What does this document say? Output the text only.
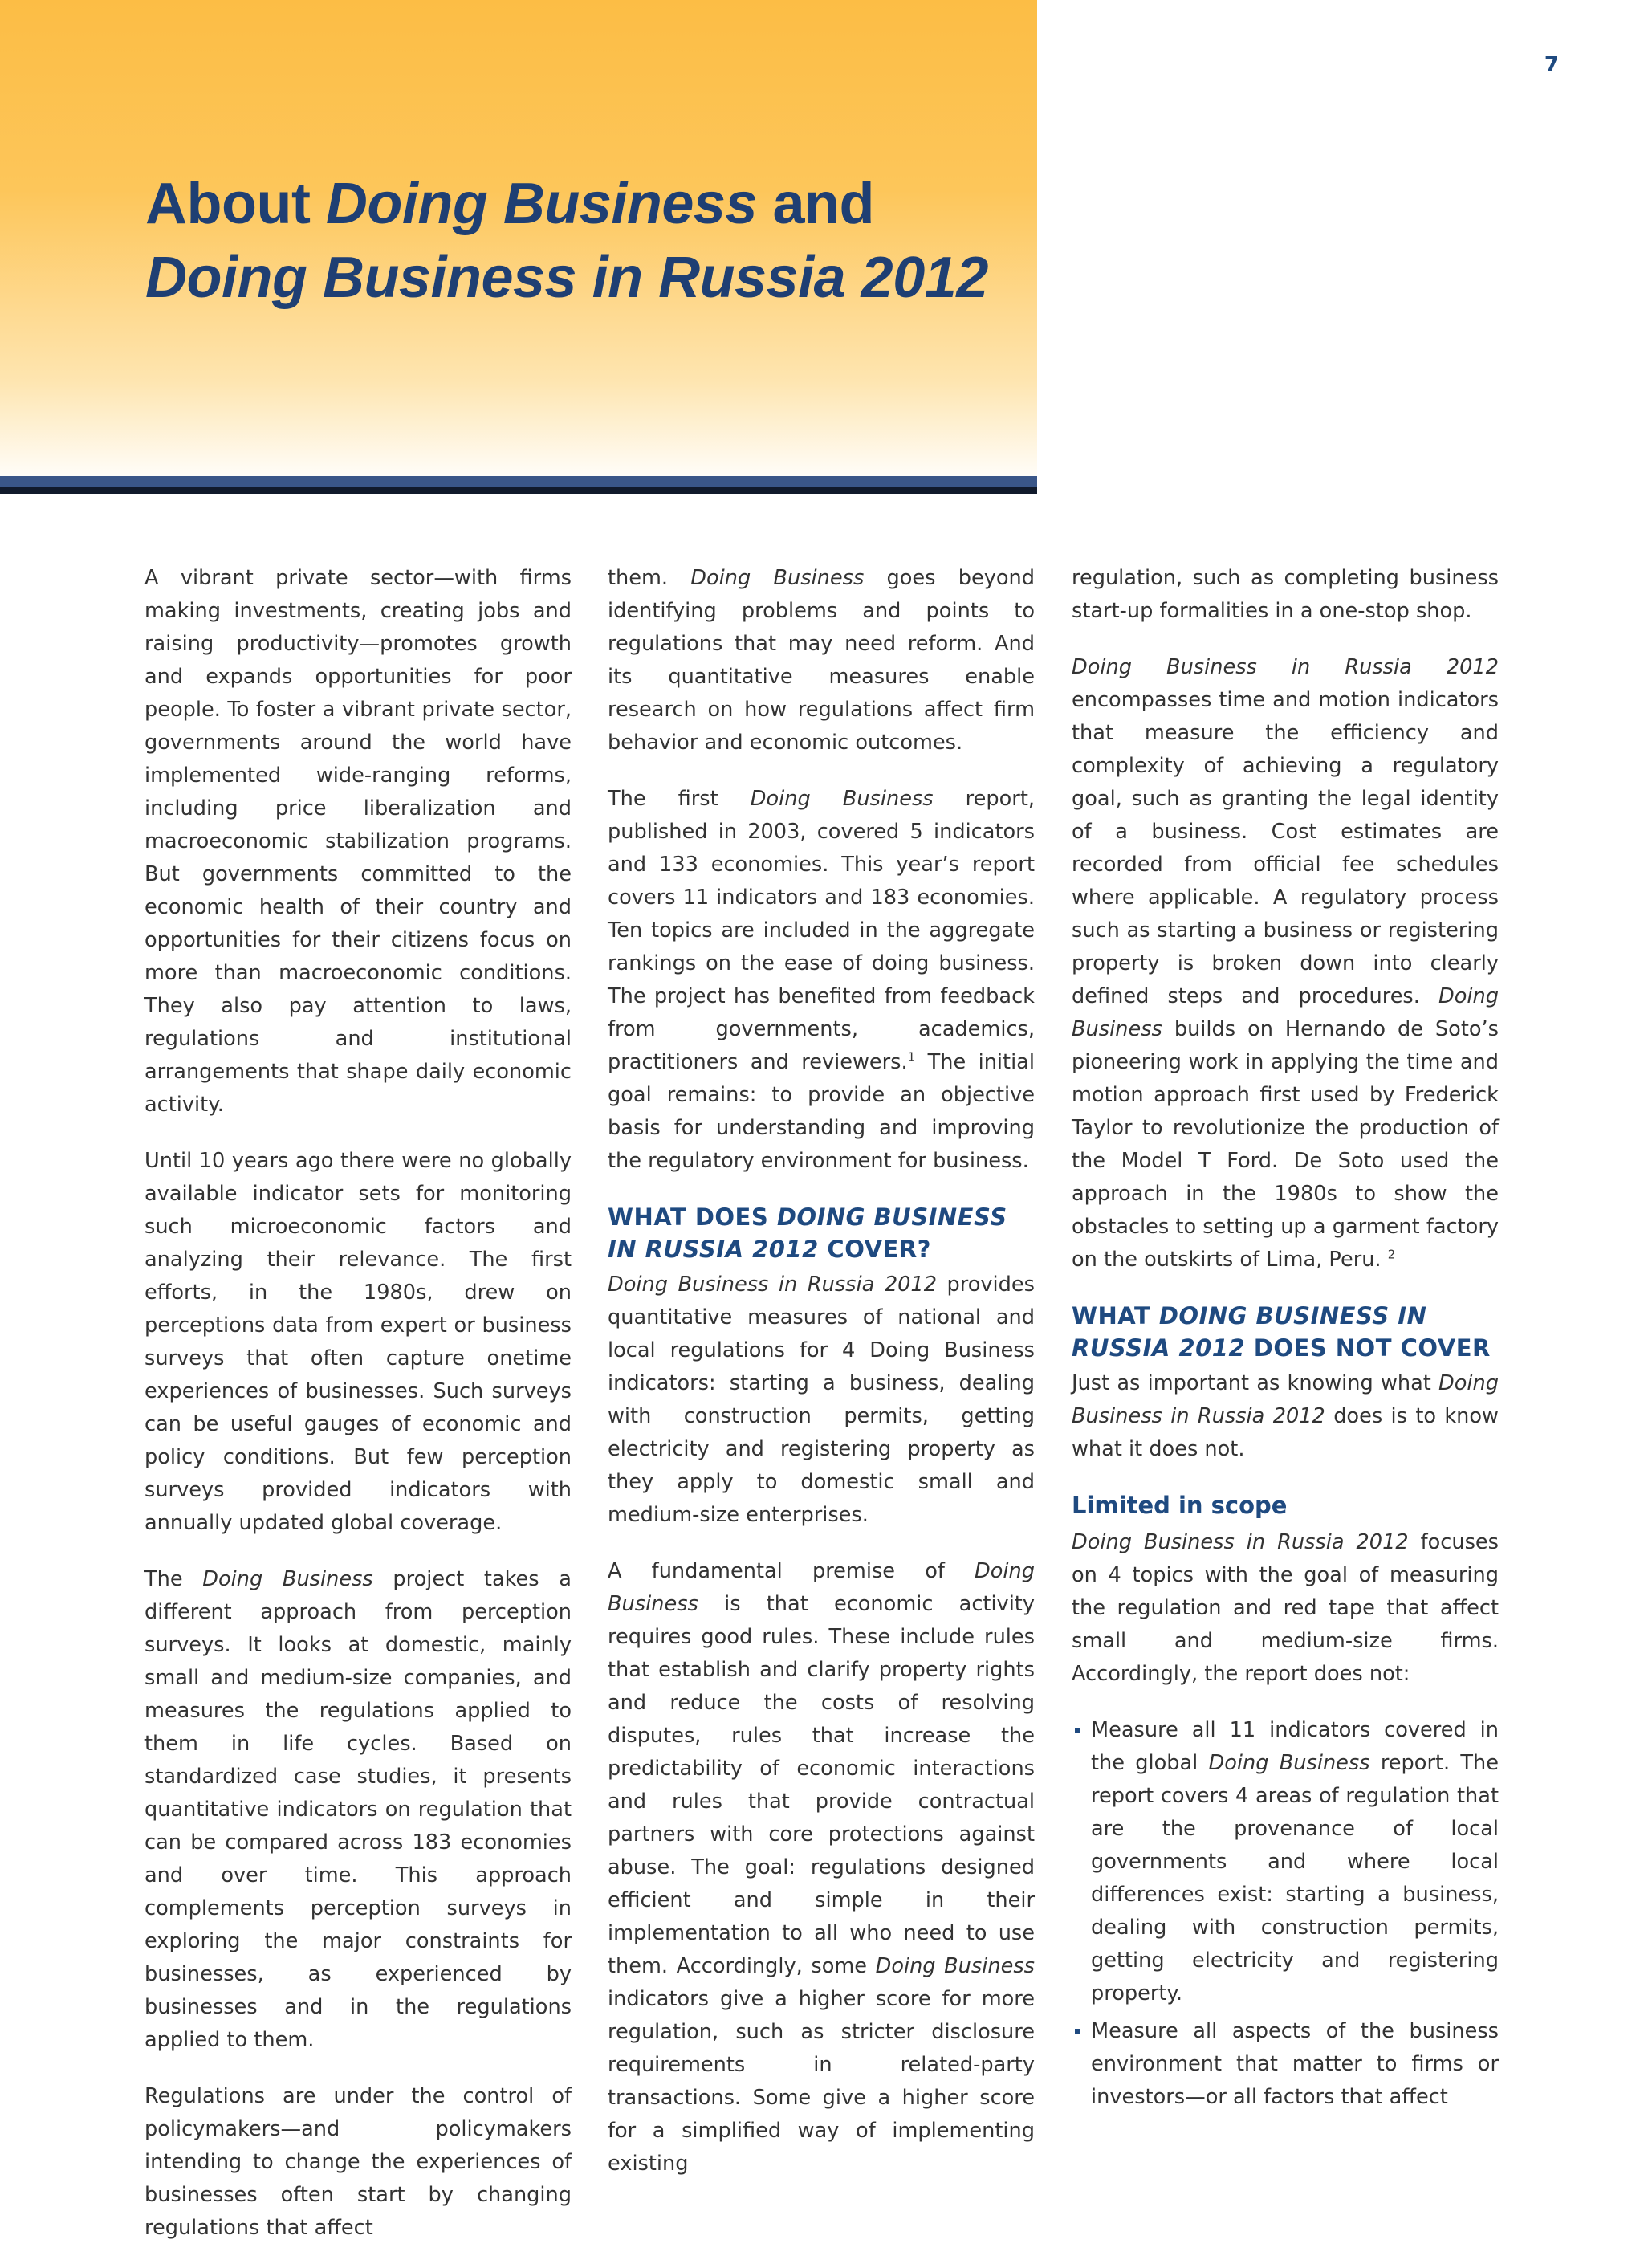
7
About Doing Business and
Doing Business in Russia 2012

A vibrant private sector—with firms making investments, creating jobs and raising productivity—promotes growth and expands opportunities for poor people. To foster a vibrant private sector, governments around the world have implemented wide-ranging reforms, including price liberalization and macroeconomic stabilization programs. But governments committed to the economic health of their country and opportunities for their citizens focus on more than macroeconomic conditions. They also pay attention to laws, regulations and institutional arrangements that shape daily economic activity.

Until 10 years ago there were no globally available indicator sets for monitoring such microeconomic factors and analyzing their relevance. The first efforts, in the 1980s, drew on perceptions data from expert or business surveys that often capture onetime experiences of businesses. Such surveys can be useful gauges of economic and policy conditions. But few perception surveys provided indicators with annually updated global coverage.

The Doing Business project takes a different approach from perception surveys. It looks at domestic, mainly small and medium-size companies, and measures the regulations applied to them in life cycles. Based on standardized case studies, it presents quantitative indicators on regulation that can be compared across 183 economies and over time. This approach complements perception surveys in exploring the major constraints for businesses, as experienced by businesses and in the regulations applied to them.

Regulations are under the control of policymakers—and policymakers intending to change the experiences of businesses often start by changing regulations that affect

them. Doing Business goes beyond identifying problems and points to regulations that may need reform. And its quantitative measures enable research on how regulations affect firm behavior and economic outcomes.

The first Doing Business report, published in 2003, covered 5 indicators and 133 economies. This year’s report covers 11 indicators and 183 economies. Ten topics are included in the aggregate rankings on the ease of doing business. The project has benefited from feedback from governments, academics, practitioners and reviewers.$^1$ The initial goal remains: to provide an objective basis for understanding and improving the regulatory environment for business.

WHAT DOES DOING BUSINESS IN RUSSIA 2012 COVER?

Doing Business in Russia 2012 provides quantitative measures of national and local regulations for 4 Doing Business indicators: starting a business, dealing with construction permits, getting electricity and registering property as they apply to domestic small and medium-size enterprises.

A fundamental premise of Doing Business is that economic activity requires good rules. These include rules that establish and clarify property rights and reduce the costs of resolving disputes, rules that increase the predictability of economic interactions and rules that provide contractual partners with core protections against abuse. The goal: regulations designed efficient and simple in their implementation to all who need to use them. Accordingly, some Doing Business indicators give a higher score for more regulation, such as stricter disclosure requirements in related-party transactions. Some give a higher score for a simplified way of implementing existing

regulation, such as completing business start-up formalities in a one-stop shop.

Doing Business in Russia 2012 encompasses time and motion indicators that measure the efficiency and complexity of achieving a regulatory goal, such as granting the legal identity of a business. Cost estimates are recorded from official fee schedules where applicable. A regulatory process such as starting a business or registering property is broken down into clearly defined steps and procedures. Doing Business builds on Hernando de Soto’s pioneering work in applying the time and motion approach first used by Frederick Taylor to revolutionize the production of the Model T Ford. De Soto used the approach in the 1980s to show the obstacles to setting up a garment factory on the outskirts of Lima, Peru. $^2$

WHAT DOING BUSINESS IN RUSSIA 2012 DOES NOT COVER

Just as important as knowing what Doing Business in Russia 2012 does is to know what it does not.

Limited in scope

Doing Business in Russia 2012 focuses on 4 topics with the goal of measuring the regulation and red tape that affect small and medium-size firms. Accordingly, the report does not:

Measure all 11 indicators covered in the global Doing Business report. The report covers 4 areas of regulation that are the provenance of local governments and where local differences exist: starting a business, dealing with construction permits, getting electricity and registering property.
Measure all aspects of the business environment that matter to firms or investors—or all factors that affect
